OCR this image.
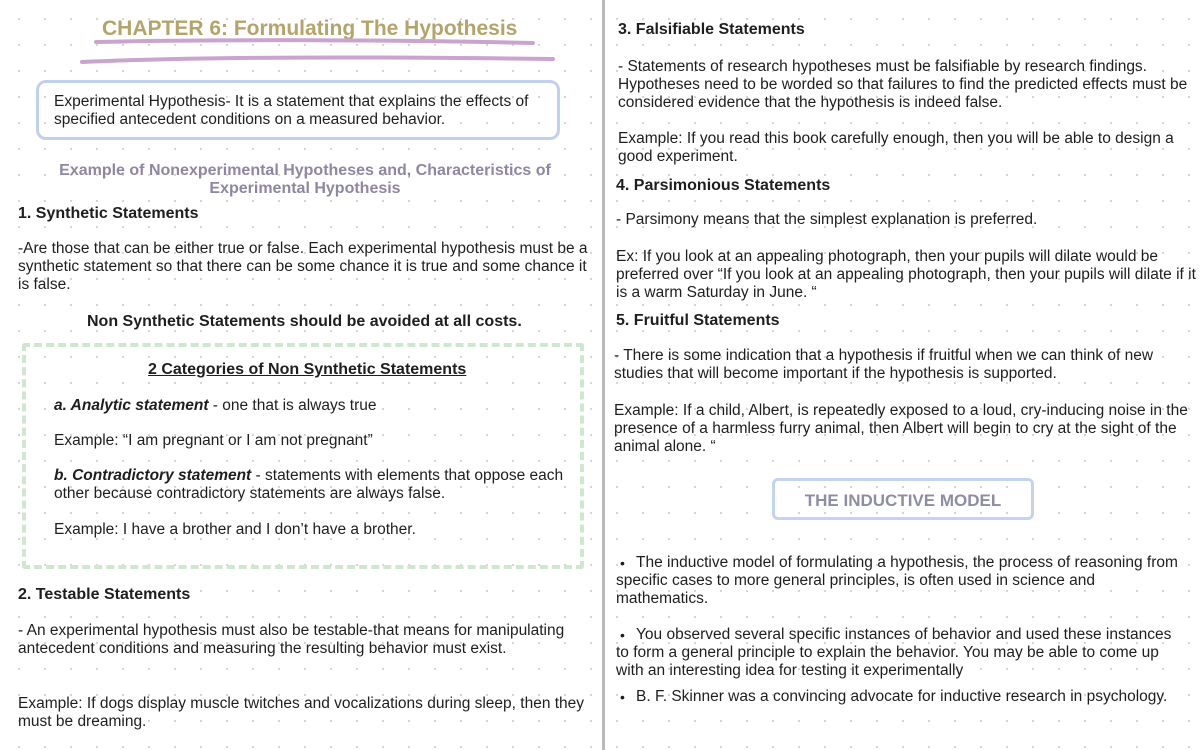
CHAPTER 6: Formulating The Hypothesis

Experimental Hypothesis- It is a statement that explains the effects of specified antecedent conditions on a measured behavior.

Example of Nonexperimental Hypotheses and, Characteristics of Experimental Hypothesis
1. Synthetic Statements

-Are those that can be either true or false. Each experimental hypothesis must be a synthetic statement so that there can be some chance it is true and some chance it is false.

Non Synthetic Statements should be avoided at all costs.
2 Categories of Non Synthetic Statements

a. Analytic statement - one that is always true

Example: “I am pregnant or I am not pregnant”

b. Contradictory statement - statements with elements that oppose each other because contradictory statements are always false.

Example: I have a brother and I don’t have a brother.

2. Testable Statements

- An experimental hypothesis must also be testable-that means for manipulating antecedent conditions and measuring the resulting behavior must exist.

Example: If dogs display muscle twitches and vocalizations during sleep, then they must be dreaming.

3. Falsifiable Statements

- Statements of research hypotheses must be falsifiable by research findings. Hypotheses need to be worded so that failures to find the predicted effects must be considered evidence that the hypothesis is indeed false.

Example: If you read this book carefully enough, then you will be able to design a good experiment.

4. Parsimonious Statements

- Parsimony means that the simplest explanation is preferred.

Ex: If you look at an appealing photograph, then your pupils will dilate would be preferred over “If you look at an appealing photograph, then your pupils will dilate if it is a warm Saturday in June. “

5. Fruitful Statements

- There is some indication that a hypothesis if fruitful when we can think of new studies that will become important if the hypothesis is supported.

Example: If a child, Albert, is repeatedly exposed to a loud, cry-inducing noise in the presence of a harmless furry animal, then Albert will begin to cry at the sight of the animal alone. “

THE INDUCTIVE MODEL
• The inductive model of formulating a hypothesis, the process of reasoning from specific cases to more general principles, is often used in science and mathematics.

• You observed several specific instances of behavior and used these instances to form a general principle to explain the behavior. You may be able to come up with an interesting idea for testing it experimentally

• B. F. Skinner was a convincing advocate for inductive research in psychology.
